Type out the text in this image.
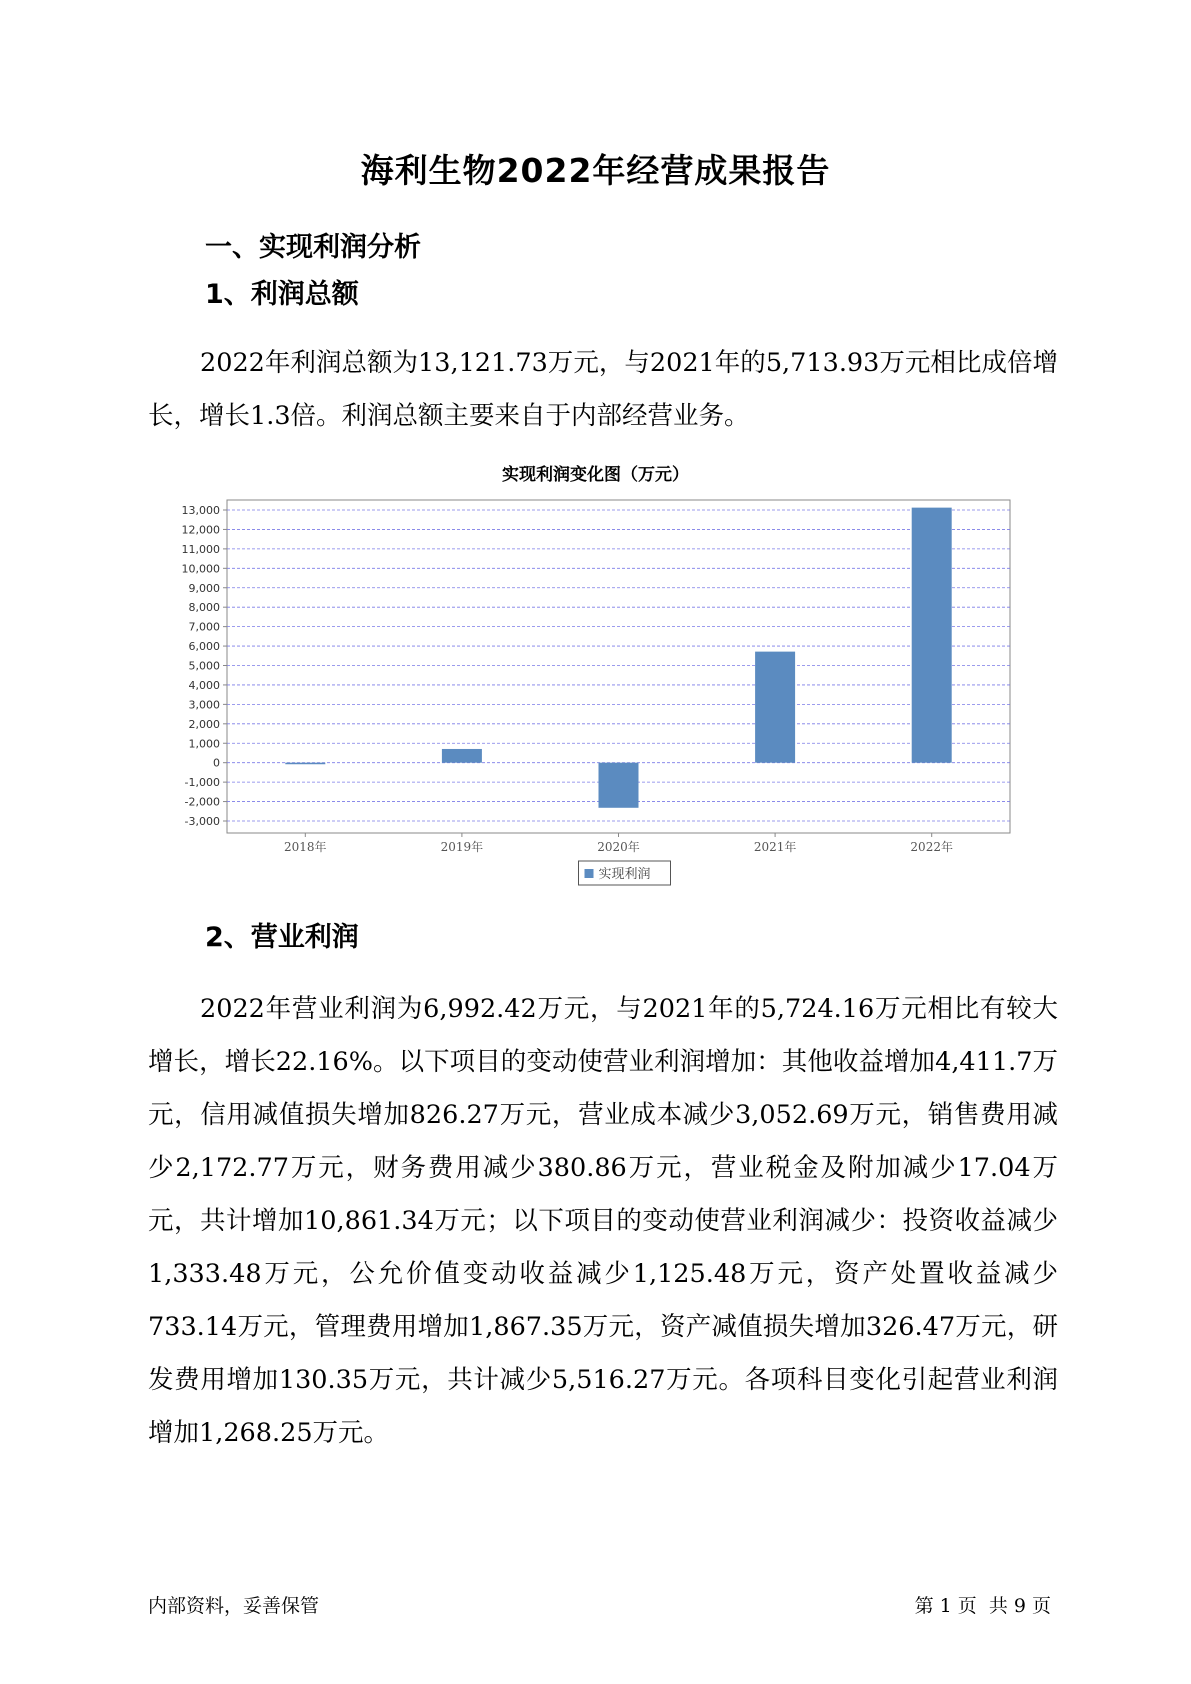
海利生物2022年经营成果报告
一、实现利润分析
1、利润总额

2022年利润总额为13,121.73万元，与2021年的5,713.93万元相比成倍增长，增长1.3倍。利润总额主要来自于内部经营业务。

实现利润变化图（万元）
-3,000
-2,000
-1,000
0
1,000
2,000
3,000
4,000
5,000
6,000
7,000
8,000
9,000
10,000
11,000
12,000
13,000
2018年	2019年	2020年	2021年	2022年
实现利润
2、营业利润

2022年营业利润为6,992.42万元，与2021年的5,724.16万元相比有较大增长，增长22.16%。以下项目的变动使营业利润增加：其他收益增加4,411.7万元，信用减值损失增加826.27万元，营业成本减少3,052.69万元，销售费用减少2,172.77万元，财务费用减少380.86万元，营业税金及附加减少17.04万元，共计增加10,861.34万元；以下项目的变动使营业利润减少：投资收益减少1,333.48万元，公允价值变动收益减少1,125.48万元，资产处置收益减少733.14万元，管理费用增加1,867.35万元，资产减值损失增加326.47万元，研发费用增加130.35万元，共计减少5,516.27万元。各项科目变化引起营业利润增加1,268.25万元。

内部资料，妥善保管	第 1 页  共 9 页
